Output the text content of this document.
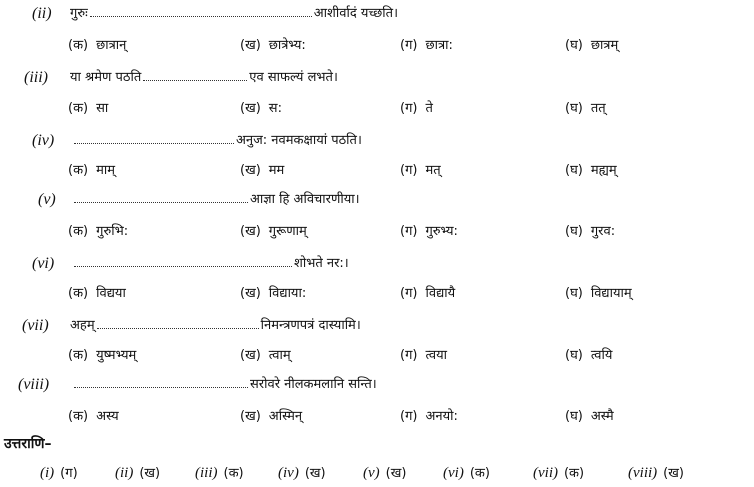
(ii) गुरुः	आशीर्वादं यच्छति।
(क) छात्रान्	(ख) छात्रेभ्य:	(ग) छात्रा:	(घ) छात्रम्
(iii) या श्रमेण पठति	एव साफल्यं लभते।
(क) सा	(ख) स:	(ग) ते	(घ) तत्
(iv)	अनुज: नवमकक्षायां पठति।
(क) माम्	(ख) मम	(ग) मत्	(घ) मह्यम्
(v)	आज्ञा हि अविचारणीया।
(क) गुरुभि:	(ख) गुरूणाम्	(ग) गुरुभ्य:	(घ) गुरव:
(vi)	शोभते नर:।
(क) विद्यया	(ख) विद्याया:	(ग) विद्यायै	(घ) विद्यायाम्
(vii) अहम्	निमन्त्रणपत्रं दास्यामि।
(क) युष्मभ्यम्	(ख) त्वाम्	(ग) त्वया	(घ) त्वयि
(viii)	सरोवरे नीलकमलानि सन्ति।
(क) अस्य	(ख) अस्मिन्	(ग) अनयो:	(घ) अस्मै
उत्तराणि–
(i) (ग) (ii) (ख) (iii) (क) (iv) (ख) (v) (ख) (vi) (क)	(vii) (क)	(viii) (ख)
